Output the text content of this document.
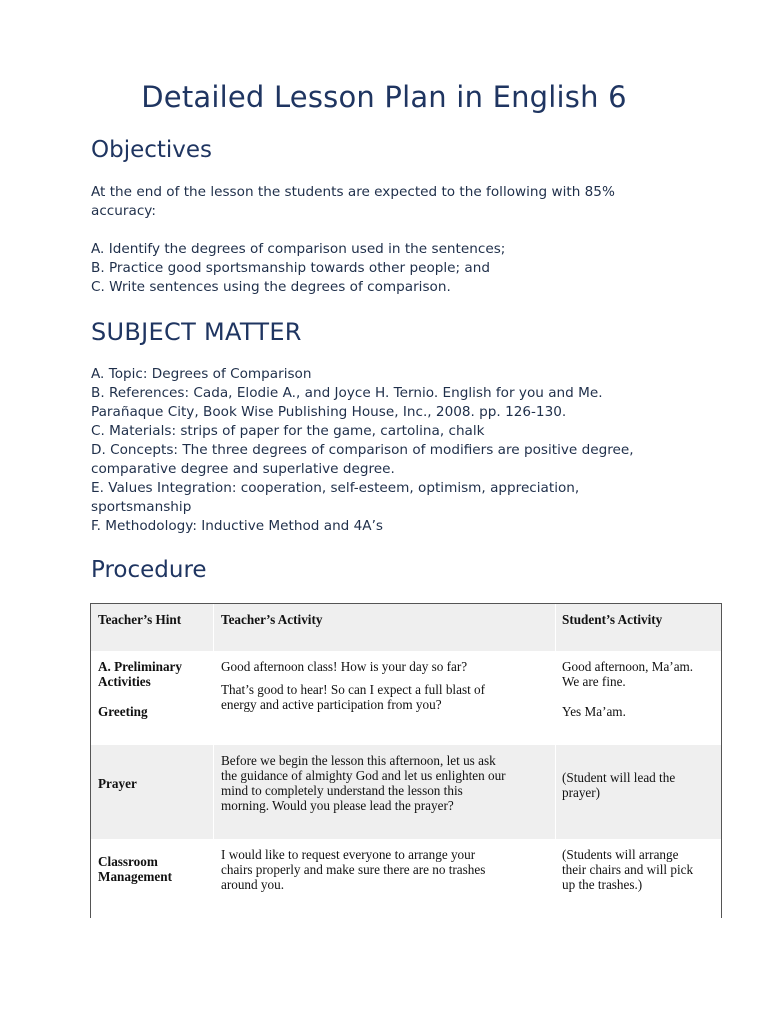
Detailed Lesson Plan in English 6
Objectives
At the end of the lesson the students are expected to the following with 85%
accuracy:
A. Identify the degrees of comparison used in the sentences;
B. Practice good sportsmanship towards other people; and
C. Write sentences using the degrees of comparison.
SUBJECT MATTER
A. Topic: Degrees of Comparison
B. References: Cada, Elodie A., and Joyce H. Ternio. English for you and Me.
Parañaque City, Book Wise Publishing House, Inc., 2008. pp. 126-130.
C. Materials: strips of paper for the game, cartolina, chalk
D. Concepts: The three degrees of comparison of modifiers are positive degree,
comparative degree and superlative degree.
E. Values Integration: cooperation, self-esteem, optimism, appreciation,
sportsmanship
F. Methodology: Inductive Method and 4A’s
Procedure
Teacher’s Hint	Teacher’s Activity	Student’s Activity
A. Preliminary
Activities
Greeting
Good afternoon class! How is your day so far?
That’s good to hear! So can I expect a full blast of
energy and active participation from you?
Good afternoon, Ma’am.
We are fine.
Yes Ma’am.
Prayer
Before we begin the lesson this afternoon, let us ask
the guidance of almighty God and let us enlighten our
mind to completely understand the lesson this
morning. Would you please lead the prayer?
(Student will lead the
prayer)
Classroom
Management
I would like to request everyone to arrange your
chairs properly and make sure there are no trashes
around you.
(Students will arrange
their chairs and will pick
up the trashes.)
